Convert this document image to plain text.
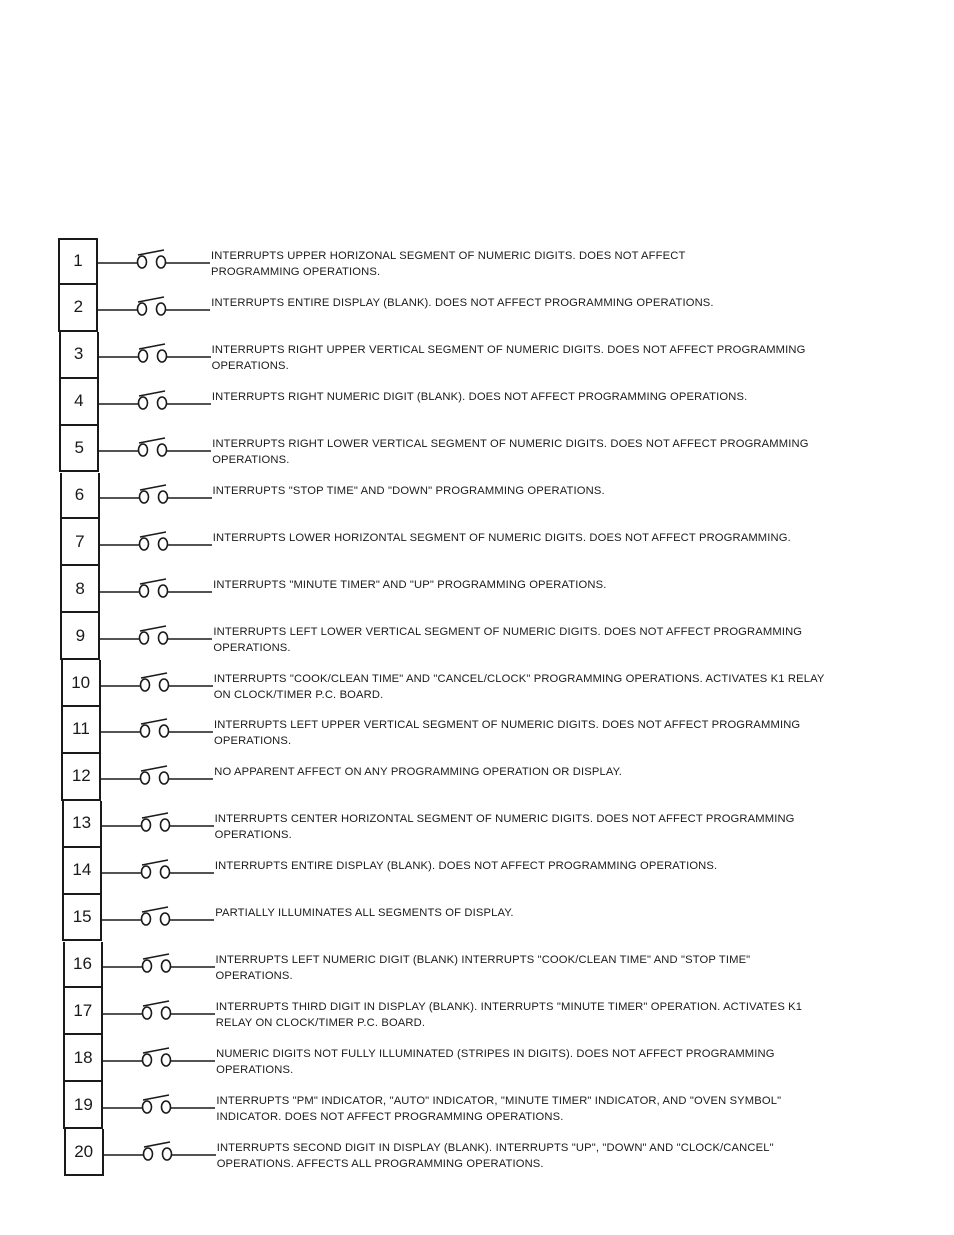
1	INTERRUPTS UPPER HORIZONAL SEGMENT OF NUMERIC DIGITS. DOES NOT AFFECT
PROGRAMMING OPERATIONS.
2	INTERRUPTS ENTIRE DISPLAY (BLANK). DOES NOT AFFECT PROGRAMMING OPERATIONS.
3	INTERRUPTS RIGHT UPPER VERTICAL SEGMENT OF NUMERIC DIGITS. DOES NOT AFFECT PROGRAMMING
OPERATIONS.
4	INTERRUPTS RIGHT NUMERIC DIGIT (BLANK). DOES NOT AFFECT PROGRAMMING OPERATIONS.
5	INTERRUPTS RIGHT LOWER VERTICAL SEGMENT OF NUMERIC DIGITS. DOES NOT AFFECT PROGRAMMING
OPERATIONS.
6	INTERRUPTS "STOP TIME" AND "DOWN" PROGRAMMING OPERATIONS.
7	INTERRUPTS LOWER HORIZONTAL SEGMENT OF NUMERIC DIGITS. DOES NOT AFFECT PROGRAMMING.
8	INTERRUPTS "MINUTE TIMER" AND "UP" PROGRAMMING OPERATIONS.
9	INTERRUPTS LEFT LOWER VERTICAL SEGMENT OF NUMERIC DIGITS. DOES NOT AFFECT PROGRAMMING
OPERATIONS.
10	INTERRUPTS "COOK/CLEAN TIME" AND "CANCEL/CLOCK" PROGRAMMING OPERATIONS. ACTIVATES K1 RELAY
ON CLOCK/TIMER P.C. BOARD.
11	INTERRUPTS LEFT UPPER VERTICAL SEGMENT OF NUMERIC DIGITS. DOES NOT AFFECT PROGRAMMING
OPERATIONS.
12	NO APPARENT AFFECT ON ANY PROGRAMMING OPERATION OR DISPLAY.
13	INTERRUPTS CENTER HORIZONTAL SEGMENT OF NUMERIC DIGITS. DOES NOT AFFECT PROGRAMMING
OPERATIONS.
14	INTERRUPTS ENTIRE DISPLAY (BLANK). DOES NOT AFFECT PROGRAMMING OPERATIONS.
15	PARTIALLY ILLUMINATES ALL SEGMENTS OF DISPLAY.
16	INTERRUPTS LEFT NUMERIC DIGIT (BLANK) INTERRUPTS "COOK/CLEAN TIME" AND "STOP TIME"
OPERATIONS.
17	INTERRUPTS THIRD DIGIT IN DISPLAY (BLANK). INTERRUPTS "MINUTE TIMER" OPERATION. ACTIVATES K1
RELAY ON CLOCK/TIMER P.C. BOARD.
18	NUMERIC DIGITS NOT FULLY ILLUMINATED (STRIPES IN DIGITS). DOES NOT AFFECT PROGRAMMING
OPERATIONS.
19	INTERRUPTS "PM" INDICATOR, "AUTO" INDICATOR, "MINUTE TIMER" INDICATOR, AND "OVEN SYMBOL"
INDICATOR. DOES NOT AFFECT PROGRAMMING OPERATIONS.
20	INTERRUPTS SECOND DIGIT IN DISPLAY (BLANK). INTERRUPTS "UP", "DOWN" AND "CLOCK/CANCEL"
OPERATIONS. AFFECTS ALL PROGRAMMING OPERATIONS.
